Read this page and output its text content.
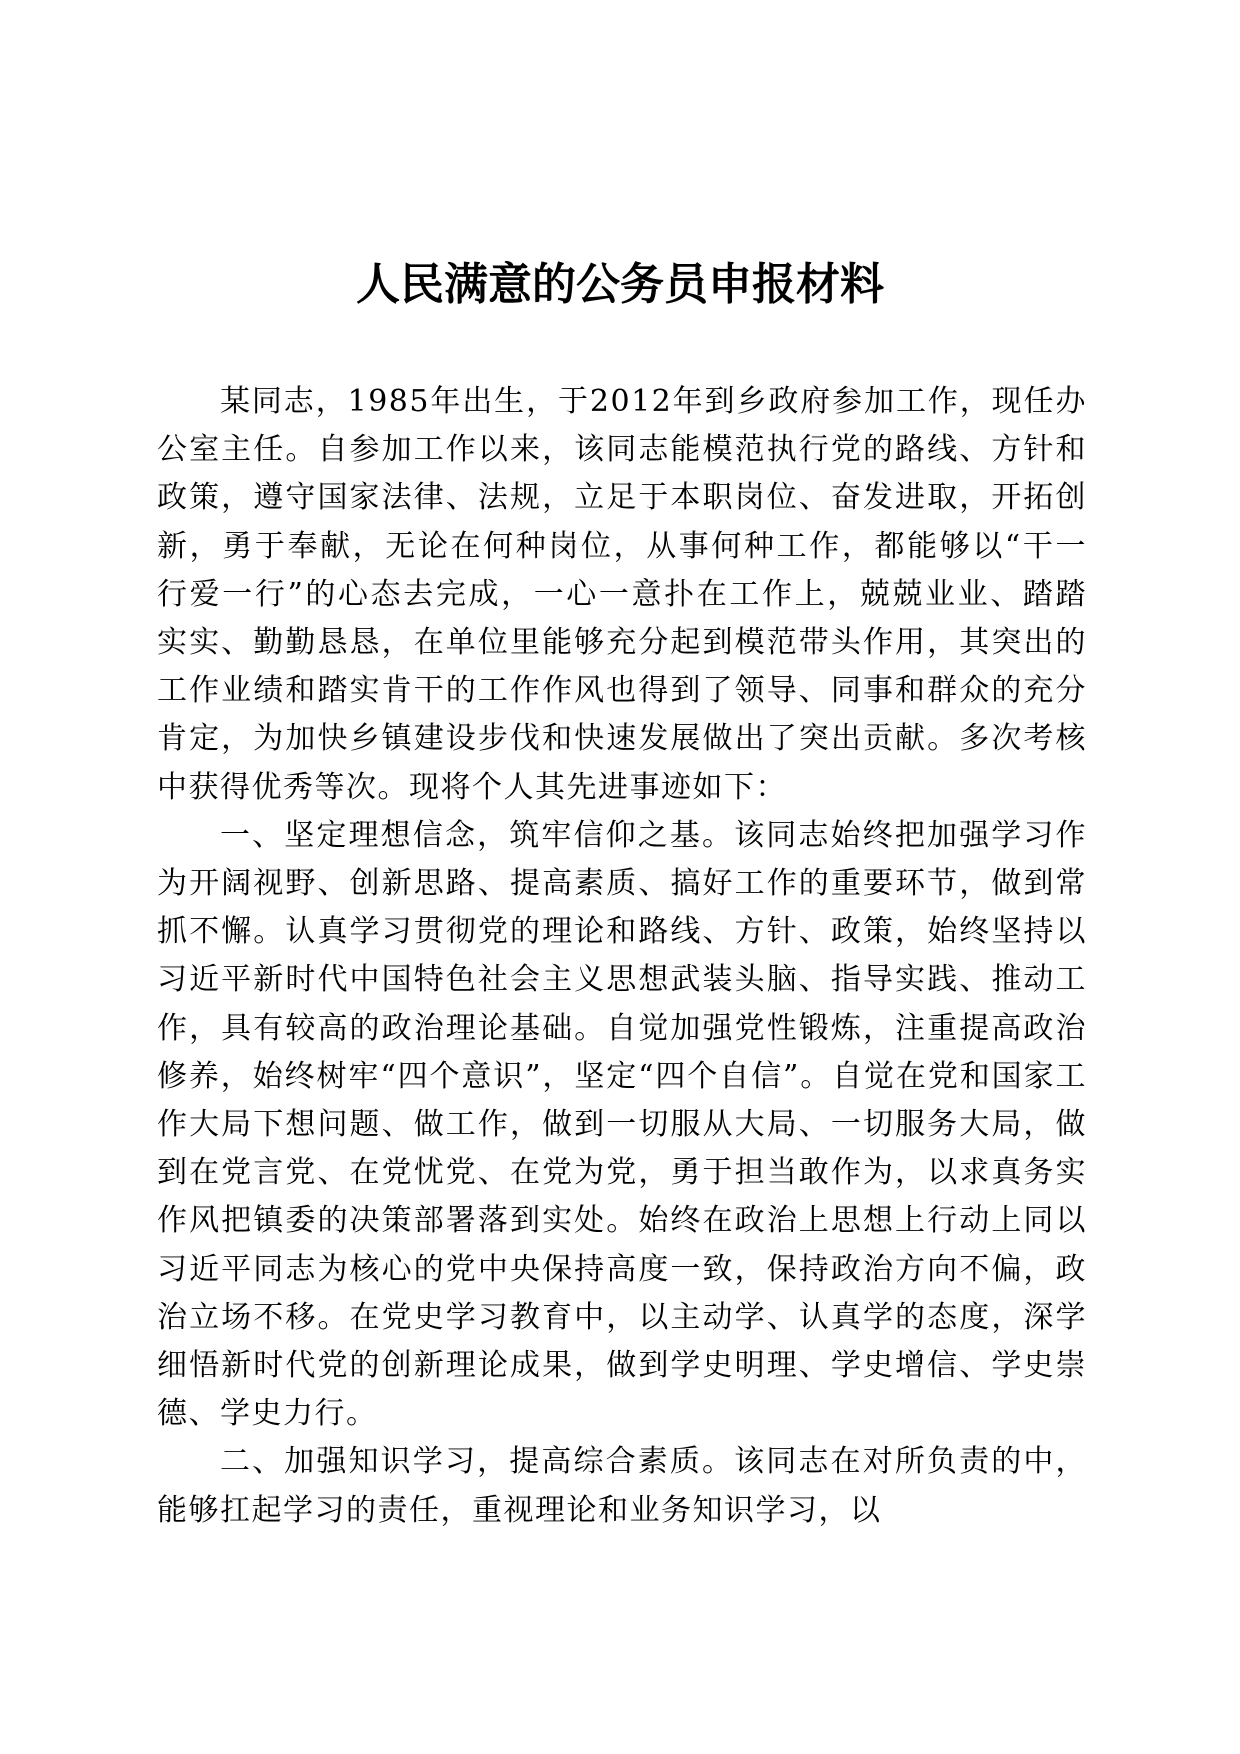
人民满意的公务员申报材料

某同志，1985年出生，于2012年到乡政府参加工作，现任办公室主任。自参加工作以来，该同志能模范执行党的路线、方针和政策，遵守国家法律、法规，立足于本职岗位、奋发进取，开拓创新，勇于奉献，无论在何种岗位，从事何种工作，都能够以“干一行爱一行”的心态去完成，一心一意扑在工作上，兢兢业业、踏踏实实、勤勤恳恳，在单位里能够充分起到模范带头作用，其突出的工作业绩和踏实肯干的工作作风也得到了领导、同事和群众的充分肯定，为加快乡镇建设步伐和快速发展做出了突出贡献。多次考核中获得优秀等次。现将个人其先进事迹如下：

一、坚定理想信念，筑牢信仰之基。该同志始终把加强学习作为开阔视野、创新思路、提高素质、搞好工作的重要环节，做到常抓不懈。认真学习贯彻党的理论和路线、方针、政策，始终坚持以习近平新时代中国特色社会主义思想武装头脑、指导实践、推动工作，具有较高的政治理论基础。自觉加强党性锻炼，注重提高政治修养，始终树牢“四个意识”，坚定“四个自信”。自觉在党和国家工作大局下想问题、做工作，做到一切服从大局、一切服务大局，做到在党言党、在党忧党、在党为党，勇于担当敢作为，以求真务实作风把镇委的决策部署落到实处。始终在政治上思想上行动上同以习近平同志为核心的党中央保持高度一致，保持政治方向不偏，政治立场不移。在党史学习教育中，以主动学、认真学的态度，深学细悟新时代党的创新理论成果，做到学史明理、学史增信、学史崇德、学史力行。

二、加强知识学习，提高综合素质。该同志在对所负责的中，能够扛起学习的责任，重视理论和业务知识学习，以
